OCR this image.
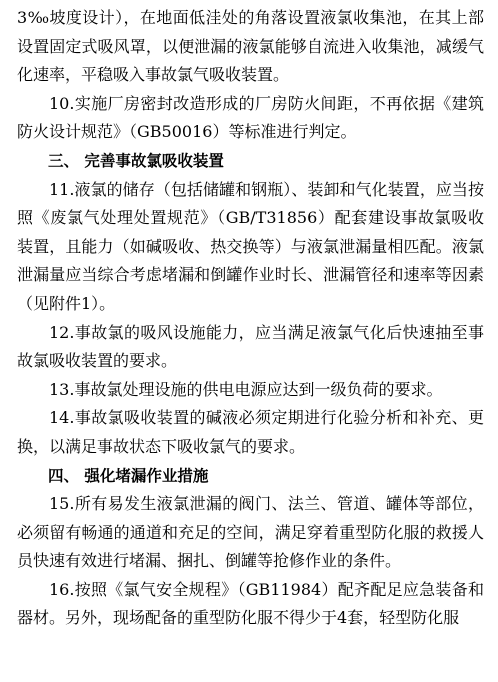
3‰坡度设计），在地面低洼处的角落设置液氯收集池，在其上部设置固定式吸风罩，以便泄漏的液氯能够自流进入收集池，减缓气化速率，平稳吸入事故氯气吸收装置。

10.实施厂房密封改造形成的厂房防火间距，不再依据《建筑防火设计规范》（GB50016）等标准进行判定。

三、 完善事故氯吸收装置

11.液氯的储存（包括储罐和钢瓶）、装卸和气化装置，应当按照《废氯气处理处置规范》（GB/T31856）配套建设事故氯吸收装置，且能力（如碱吸收、热交换等）与液氯泄漏量相匹配。液氯泄漏量应当综合考虑堵漏和倒罐作业时长、泄漏管径和速率等因素（见附件1）。

12.事故氯的吸风设施能力，应当满足液氯气化后快速抽至事故氯吸收装置的要求。

13.事故氯处理设施的供电电源应达到一级负荷的要求。

14.事故氯吸收装置的碱液必须定期进行化验分析和补充、更换，以满足事故状态下吸收氯气的要求。

四、 强化堵漏作业措施

15.所有易发生液氯泄漏的阀门、法兰、管道、罐体等部位，必须留有畅通的通道和充足的空间，满足穿着重型防化服的救援人员快速有效进行堵漏、捆扎、倒罐等抢修作业的条件。

16.按照《氯气安全规程》（GB11984）配齐配足应急装备和器材。另外，现场配备的重型防化服不得少于4套，轻型防化服
